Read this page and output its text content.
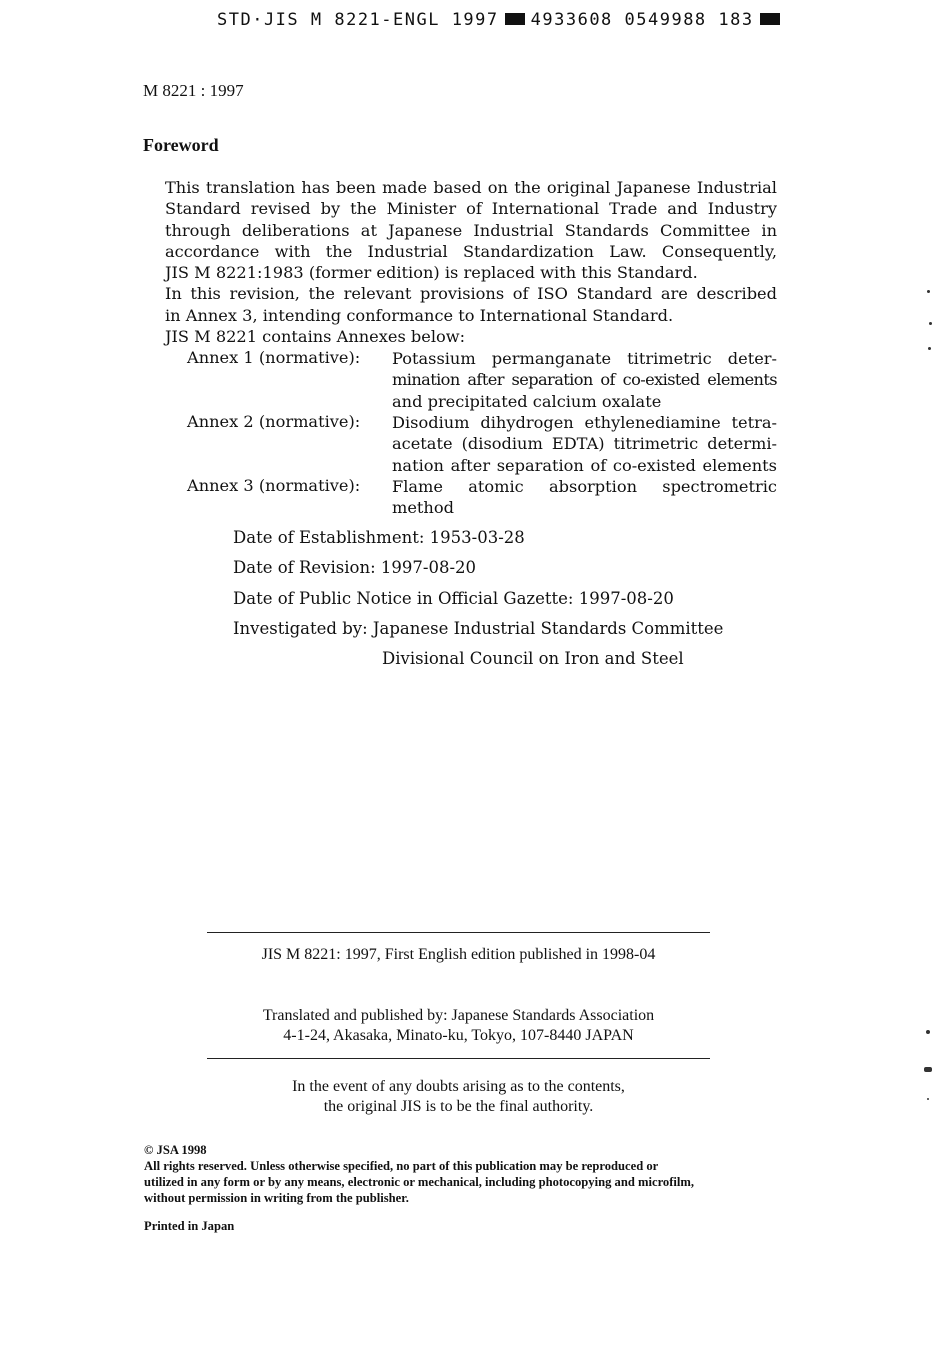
STD·JIS M 8221-ENGL 1997 4933608 0549988 183
M 8221 : 1997
Foreword
This translation has been made based on the original Japanese Industrial
Standard revised by the Minister of International Trade and Industry
through deliberations at Japanese Industrial Standards Committee in
accordance with the Industrial Standardization Law. Consequently,
JIS M 8221:1983 (former edition) is replaced with this Standard.
In this revision, the relevant provisions of ISO Standard are described
in Annex 3, intending conformance to International Standard.
JIS M 8221 contains Annexes below:
Annex 1 (normative): Potassium permanganate titrimetric deter-
mination after separation of co-existed elements
and precipitated calcium oxalate
Annex 2 (normative): Disodium dihydrogen ethylenediamine tetra-
acetate (disodium EDTA) titrimetric determi-
nation after separation of co-existed elements
Annex 3 (normative): Flame atomic absorption spectrometric method
Date of Establishment: 1953-03-28
Date of Revision: 1997-08-20
Date of Public Notice in Official Gazette: 1997-08-20
Investigated by: Japanese Industrial Standards Committee
Divisional Council on Iron and Steel
JIS M 8221: 1997, First English edition published in 1998-04
Translated and published by: Japanese Standards Association
4-1-24, Akasaka, Minato-ku, Tokyo, 107-8440 JAPAN
In the event of any doubts arising as to the contents,
the original JIS is to be the final authority.
© JSA 1998
All rights reserved. Unless otherwise specified, no part of this publication may be reproduced or
utilized in any form or by any means, electronic or mechanical, including photocopying and microfilm,
without permission in writing from the publisher.
Printed in Japan
